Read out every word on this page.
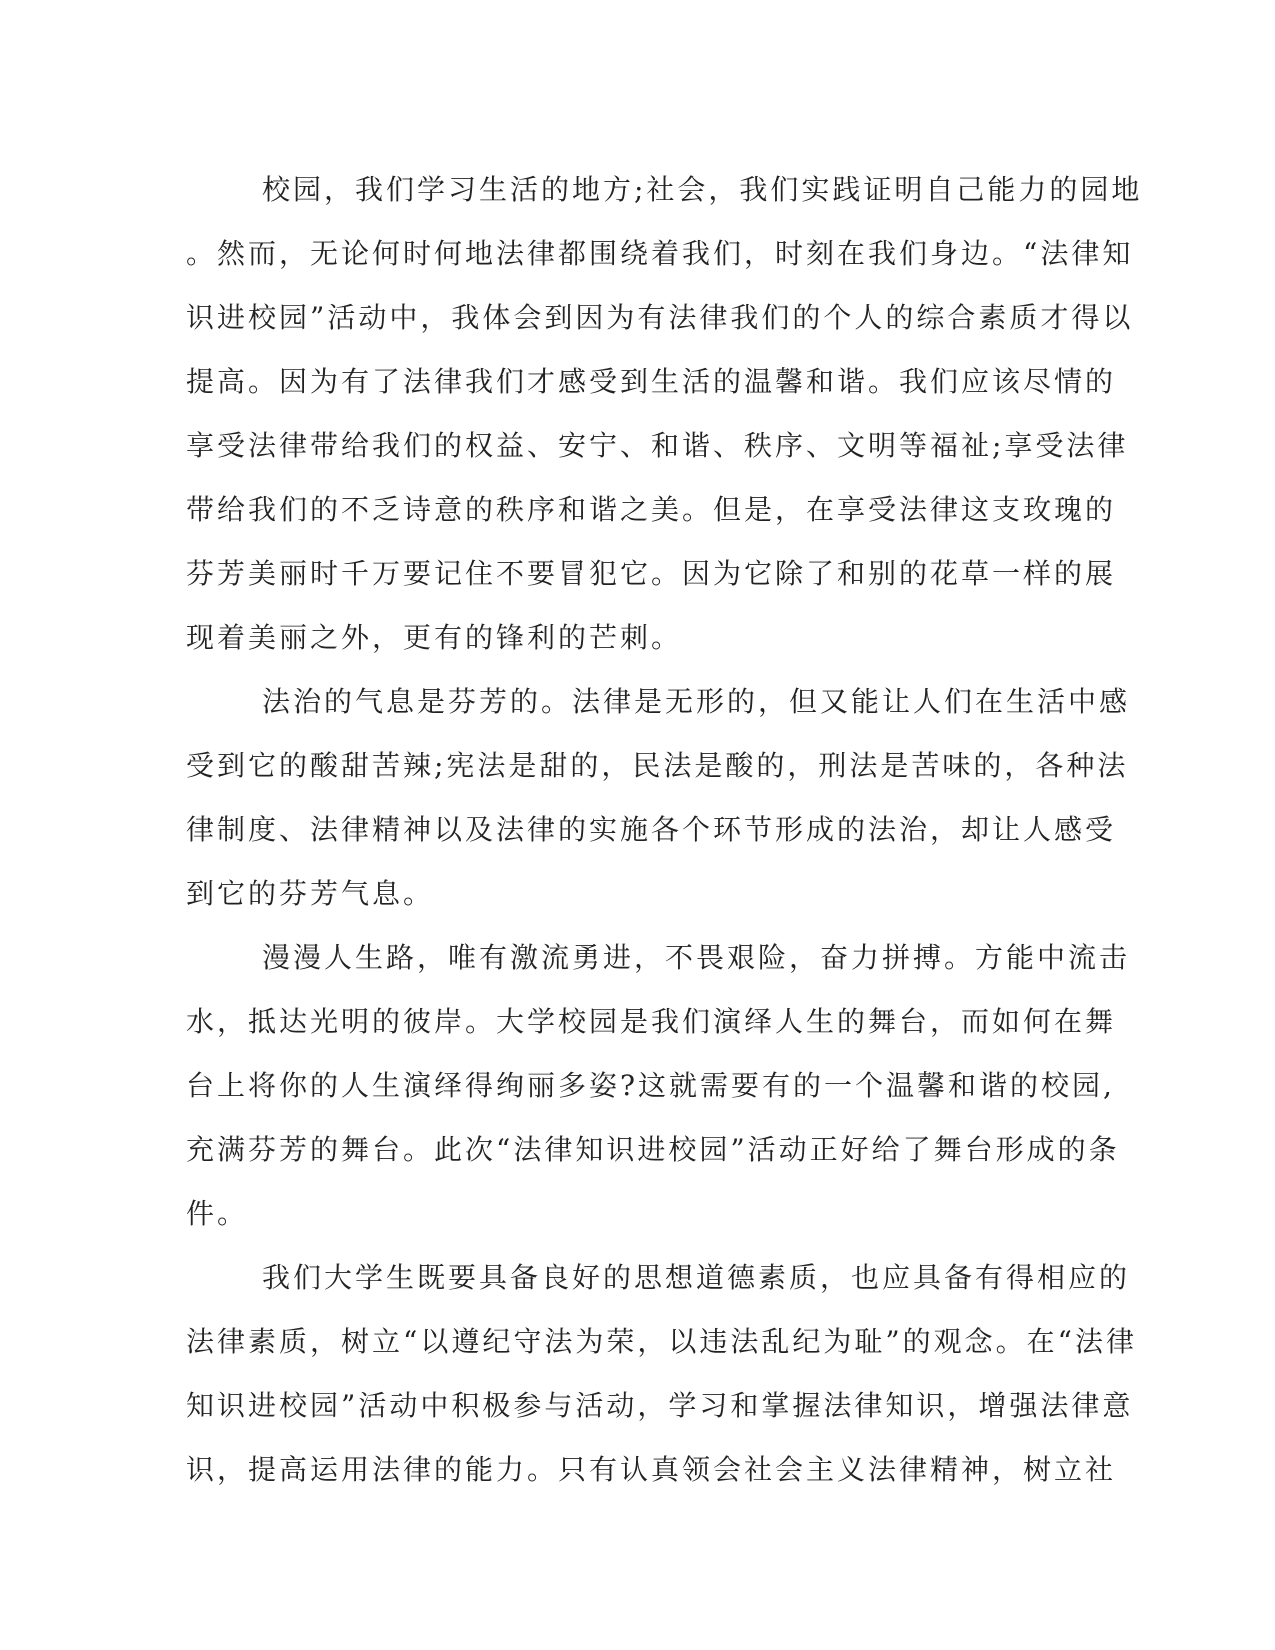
校园，我们学习生活的地方;社会，我们实践证明自己能力的园地
。然而，无论何时何地法律都围绕着我们，时刻在我们身边。“法律知
识进校园”活动中，我体会到因为有法律我们的个人的综合素质才得以
提高。因为有了法律我们才感受到生活的温馨和谐。我们应该尽情的
享受法律带给我们的权益、安宁、和谐、秩序、文明等福祉;享受法律
带给我们的不乏诗意的秩序和谐之美。但是，在享受法律这支玫瑰的
芬芳美丽时千万要记住不要冒犯它。因为它除了和别的花草一样的展
现着美丽之外，更有的锋利的芒刺。

法治的气息是芬芳的。法律是无形的，但又能让人们在生活中感
受到它的酸甜苦辣;宪法是甜的，民法是酸的，刑法是苦味的，各种法
律制度、法律精神以及法律的实施各个环节形成的法治，却让人感受
到它的芬芳气息。

漫漫人生路，唯有激流勇进，不畏艰险，奋力拼搏。方能中流击
水，抵达光明的彼岸。大学校园是我们演绎人生的舞台，而如何在舞
台上将你的人生演绎得绚丽多姿?这就需要有的一个温馨和谐的校园,
充满芬芳的舞台。此次“法律知识进校园”活动正好给了舞台形成的条
件。

我们大学生既要具备良好的思想道德素质，也应具备有得相应的
法律素质，树立“以遵纪守法为荣，以违法乱纪为耻”的观念。在“法律
知识进校园”活动中积极参与活动，学习和掌握法律知识，增强法律意
识，提高运用法律的能力。只有认真领会社会主义法律精神，树立社
